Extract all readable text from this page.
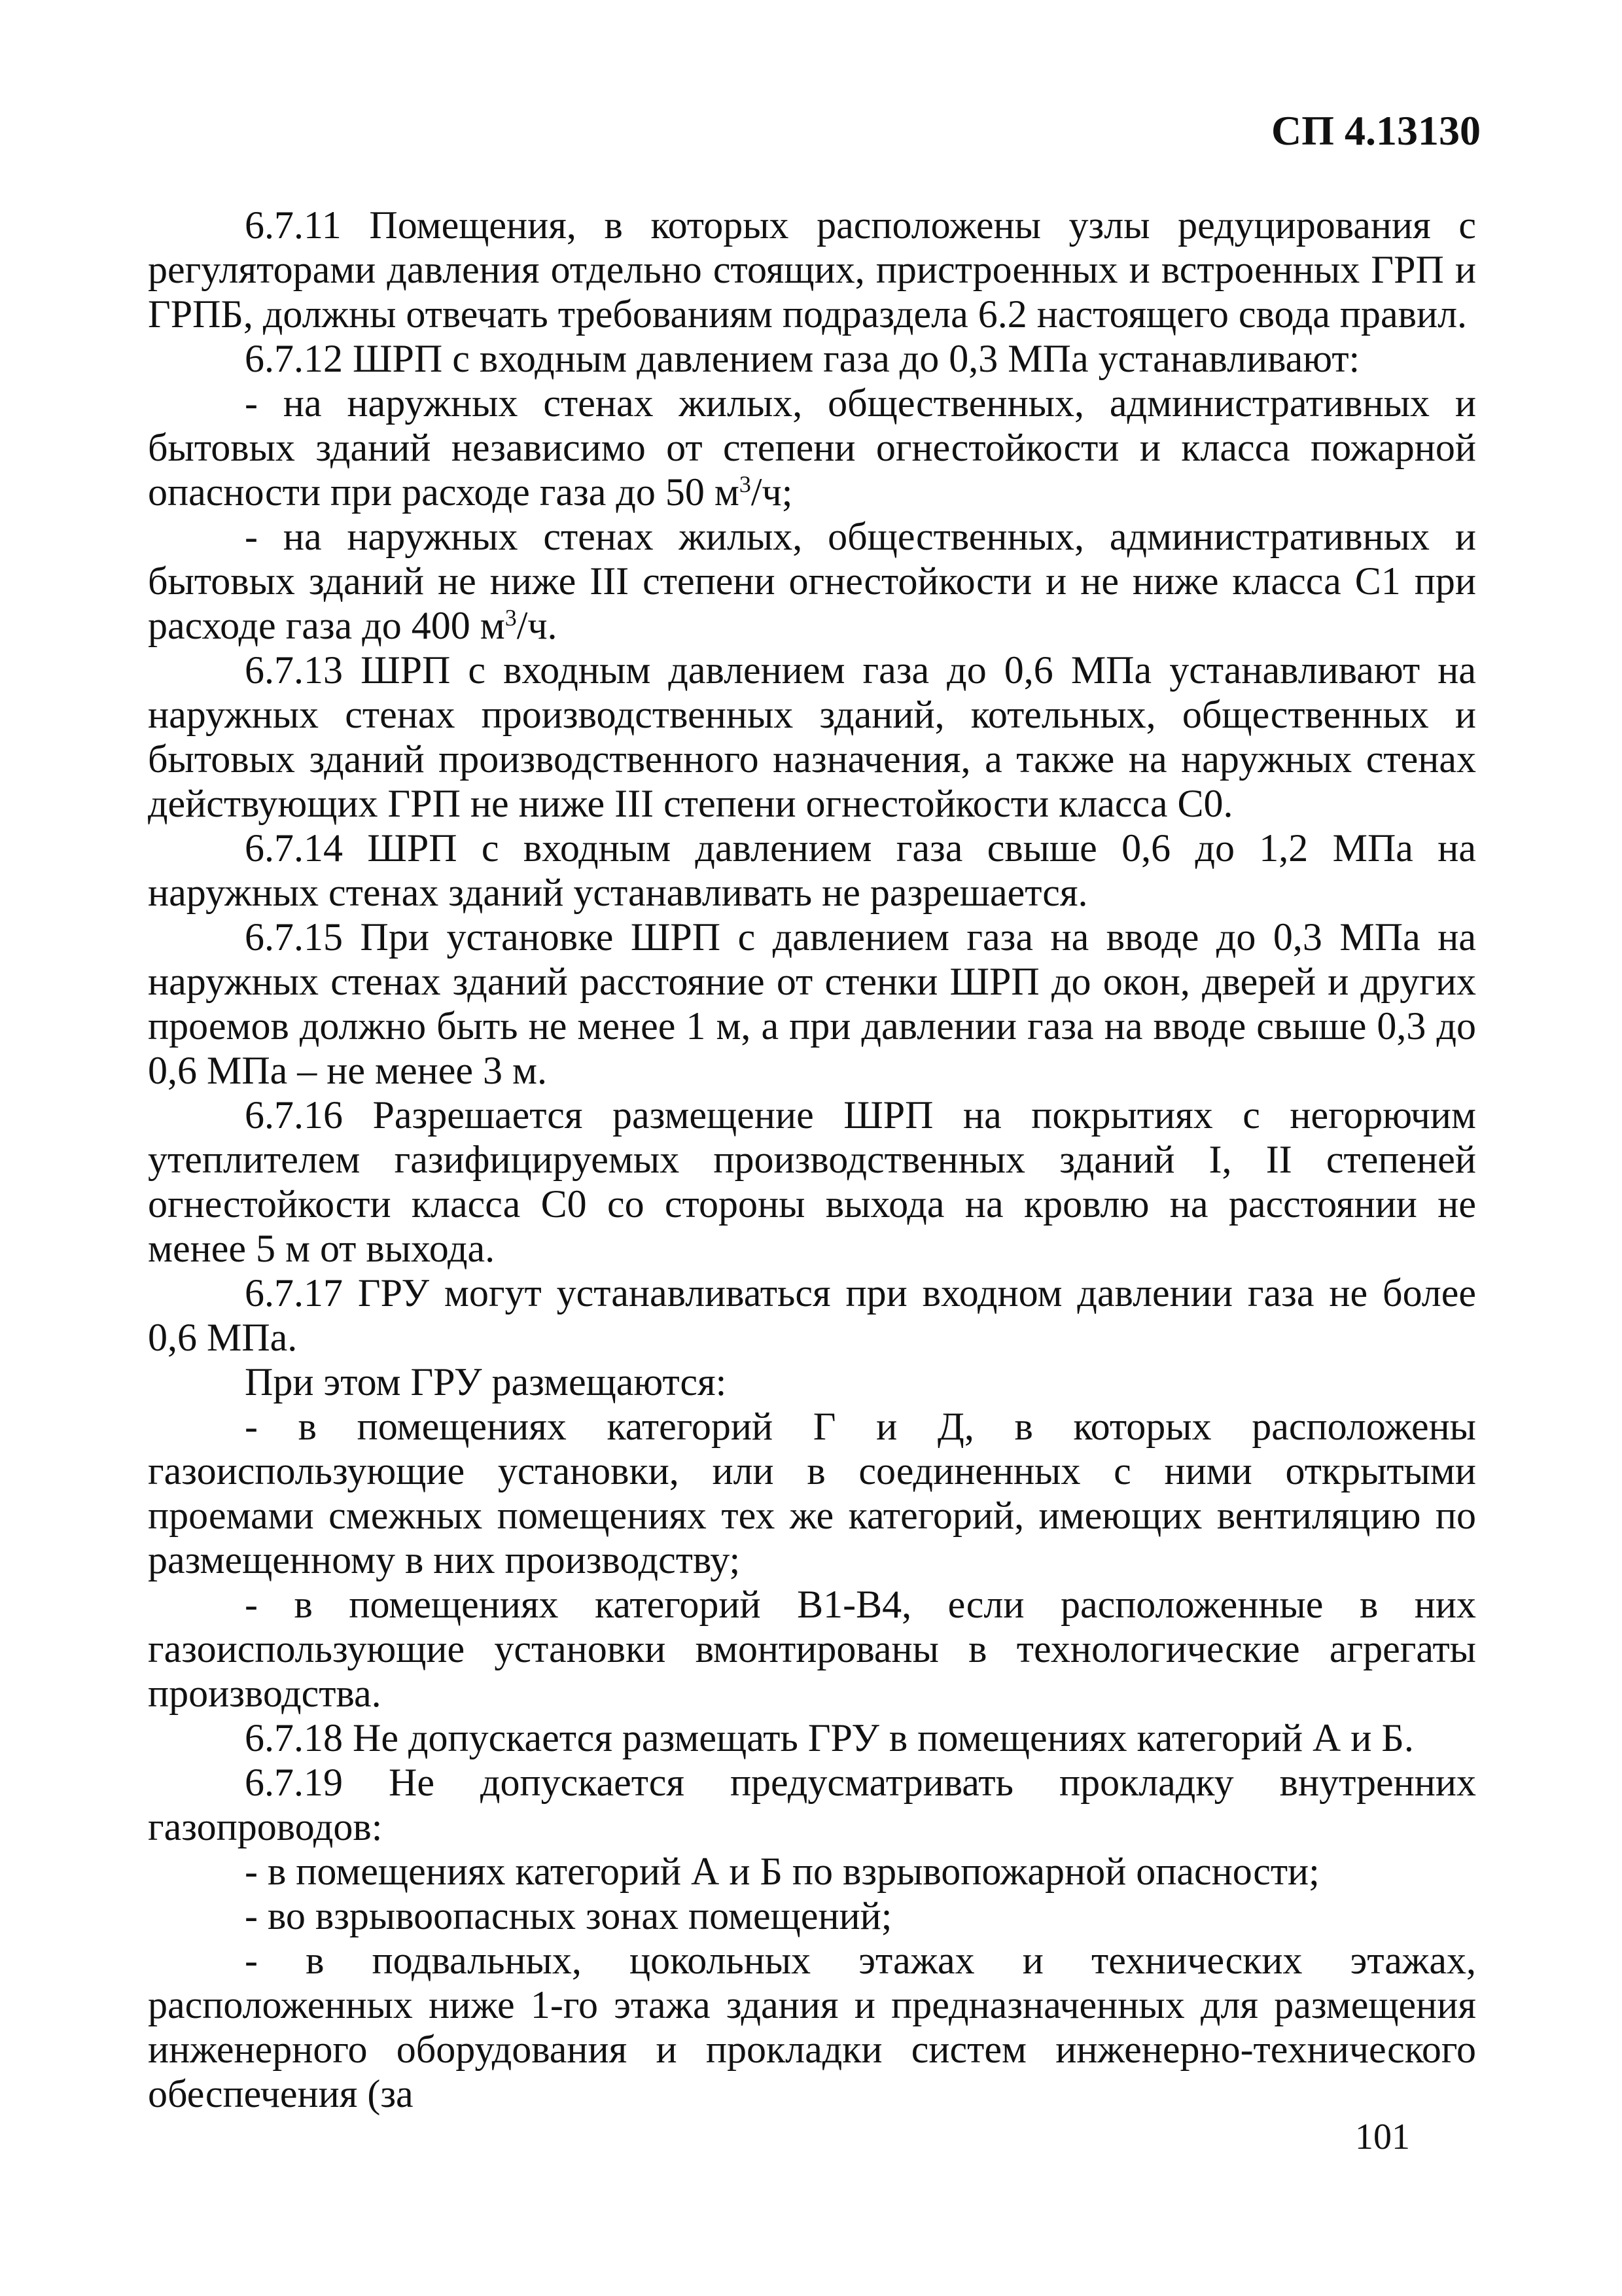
СП 4.13130

6.7.11 Помещения, в которых расположены узлы редуцирования с регуляторами давления отдельно стоящих, пристроенных и встроенных ГРП и ГРПБ, должны отвечать требованиям подраздела 6.2 настоящего свода правил.

6.7.12 ШРП с входным давлением газа до 0,3 МПа устанавливают:

- на наружных стенах жилых, общественных, административных и бытовых зданий независимо от степени огнестойкости и класса пожарной опасности при расходе газа до 50 $м^3/ч$;

- на наружных стенах жилых, общественных, административных и бытовых зданий не ниже III степени огнестойкости и не ниже класса С1 при расходе газа до 400 $м^3/ч$.

6.7.13 ШРП с входным давлением газа до 0,6 МПа устанавливают на наружных стенах производственных зданий, котельных, общественных и бытовых зданий производственного назначения, а также на наружных стенах действующих ГРП не ниже III степени огнестойкости класса С0.

6.7.14 ШРП с входным давлением газа свыше 0,6 до 1,2 МПа на наружных стенах зданий устанавливать не разрешается.

6.7.15 При установке ШРП с давлением газа на вводе до 0,3 МПа на наружных стенах зданий расстояние от стенки ШРП до окон, дверей и других проемов должно быть не менее 1 м, а при давлении газа на вводе свыше 0,3 до 0,6 МПа – не менее 3 м.

6.7.16 Разрешается размещение ШРП на покрытиях с негорючим утеплителем газифицируемых производственных зданий I, II степеней огнестойкости класса С0 со стороны выхода на кровлю на расстоянии не менее 5 м от выхода.

6.7.17 ГРУ могут устанавливаться при входном давлении газа не более 0,6 МПа.

При этом ГРУ размещаются:

- в помещениях категорий Г и Д, в которых расположены газоиспользующие установки, или в соединенных с ними открытыми проемами смежных помещениях тех же категорий, имеющих вентиляцию по размещенному в них производству;

- в помещениях категорий В1-В4, если расположенные в них газоиспользующие установки вмонтированы в технологические агрегаты производства.

6.7.18 Не допускается размещать ГРУ в помещениях категорий А и Б.

6.7.19 Не допускается предусматривать прокладку внутренних газопроводов:

- в помещениях категорий А и Б по взрывопожарной опасности;

- во взрывоопасных зонах помещений;

- в подвальных, цокольных этажах и технических этажах, расположенных ниже 1-го этажа здания и предназначенных для размещения инженерного оборудования и прокладки систем инженерно-технического обеспечения (за

101
